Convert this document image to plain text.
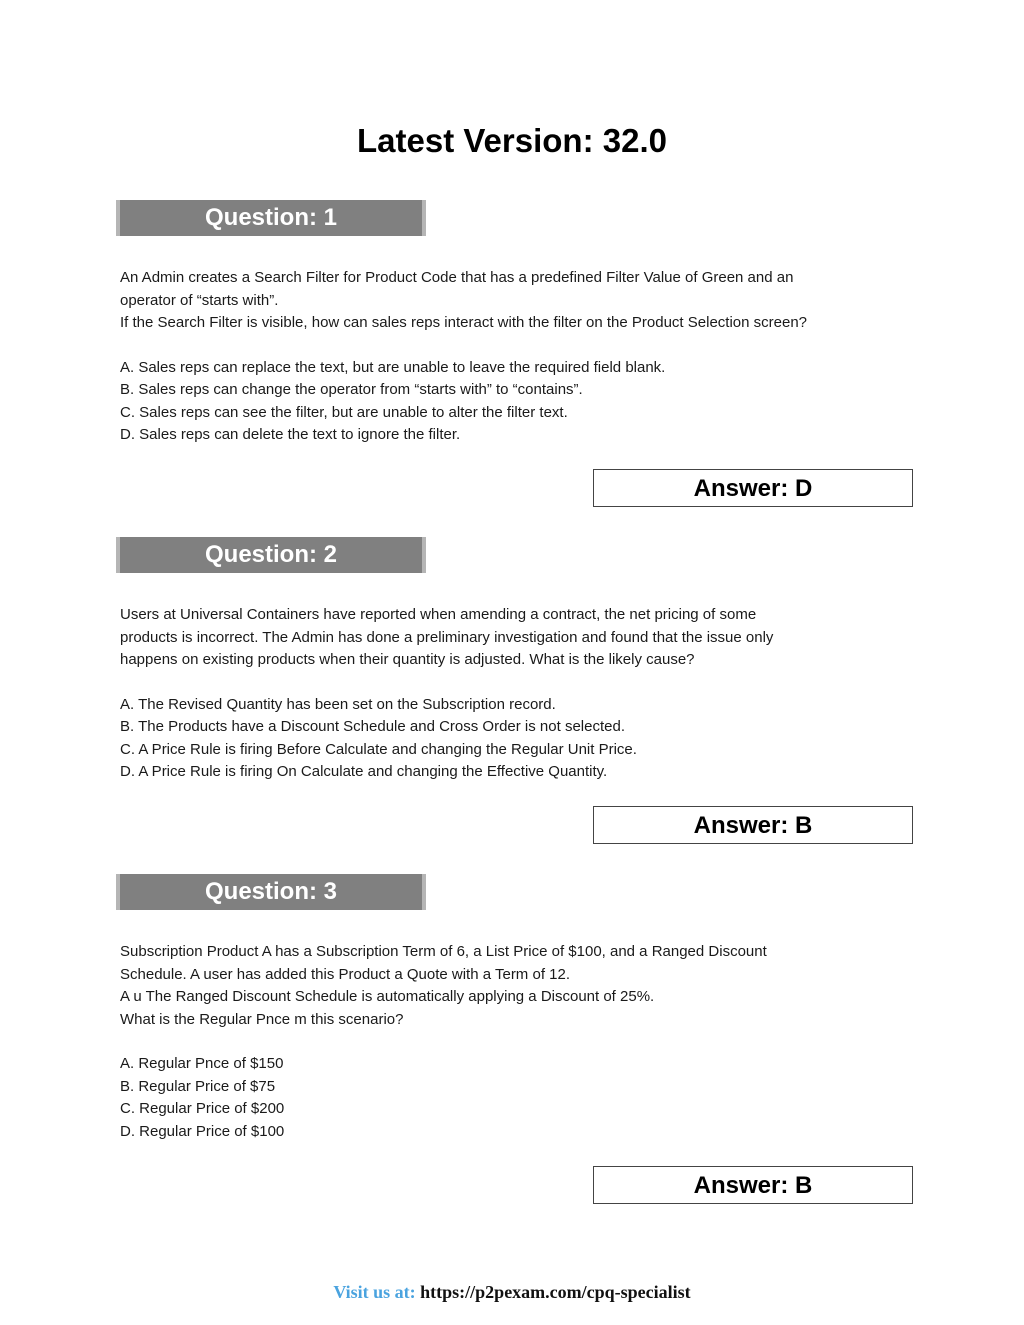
Latest Version: 32.0
Question: 1

An Admin creates a Search Filter for Product Code that has a predefined Filter Value of Green and an

operator of “starts with”.

If the Search Filter is visible, how can sales reps interact with the filter on the Product Selection screen?

A. Sales reps can replace the text, but are unable to leave the required field blank.

B. Sales reps can change the operator from “starts with” to “contains”.

C. Sales reps can see the filter, but are unable to alter the filter text.

D. Sales reps can delete the text to ignore the filter.

Answer: D
Question: 2

Users at Universal Containers have reported when amending a contract, the net pricing of some

products is incorrect. The Admin has done a preliminary investigation and found that the issue only

happens on existing products when their quantity is adjusted. What is the likely cause?

A. The Revised Quantity has been set on the Subscription record.

B. The Products have a Discount Schedule and Cross Order is not selected.

C. A Price Rule is firing Before Calculate and changing the Regular Unit Price.

D. A Price Rule is firing On Calculate and changing the Effective Quantity.

Answer: B
Question: 3

Subscription Product A has a Subscription Term of 6, a List Price of $100, and a Ranged Discount

Schedule. A user has added this Product a Quote with a Term of 12.

A u The Ranged Discount Schedule is automatically applying a Discount of 25%.

What is the Regular Pnce m this scenario?

A. Regular Pnce of $150

B. Regular Price of $75

C. Regular Price of $200

D. Regular Price of $100

Answer: B
Visit us at: https://p2pexam.com/cpq-specialist
